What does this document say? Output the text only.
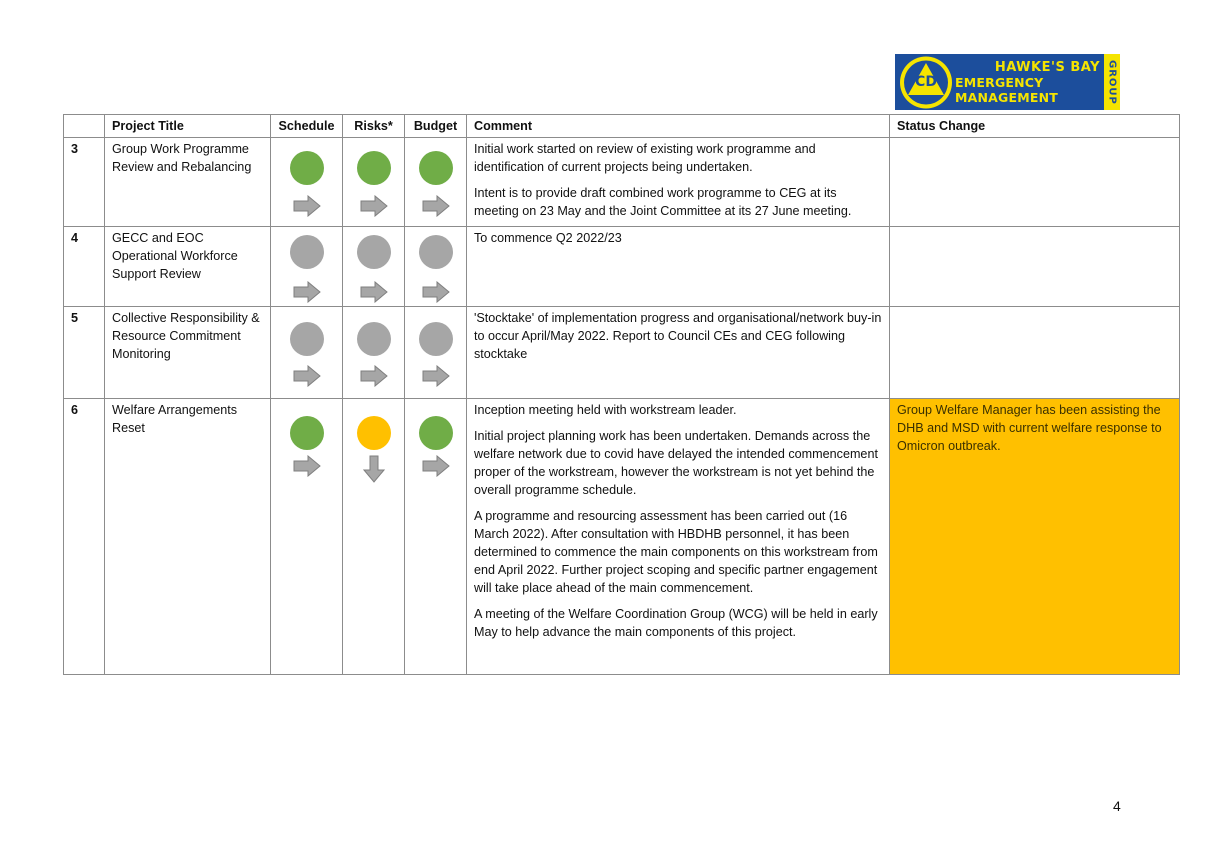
CD
HAWKE'S BAY
EMERGENCY MANAGEMENT	GROUP
	Project Title	Schedule	Risks*	Budget	Comment	Status Change
3	Group Work Programme Review and Rebalancing				Initial work started on review of existing work programme and identification of current projects being undertaken.

Intent is to provide draft combined work programme to CEG at its meeting on 23 May and the Joint Committee at its 27 June meeting.	

4	GECC and EOC Operational Workforce Support Review				To commence Q2 2022/23	

5	Collective Responsibility & Resource Commitment Monitoring				'Stocktake' of implementation progress and organisational/network buy-in to occur April/May 2022. Report to Council CEs and CEG following stocktake	

6	Welfare Arrangements Reset				Inception meeting held with workstream leader.

Initial project planning work has been undertaken. Demands across the welfare network due to covid have delayed the intended commencement proper of the workstream, however the workstream is not yet behind the overall programme schedule.

A programme and resourcing assessment has been carried out (16 March 2022). After consultation with HBDHB personnel, it has been determined to commence the main components on this workstream from end April 2022. Further project scoping and specific partner engagement will take place ahead of the main commencement.

A meeting of the Welfare Coordination Group (WCG) will be held in early May to help advance the main components of this project.	Group Welfare Manager has been assisting the DHB and MSD with current welfare response to Omicron outbreak.
4
